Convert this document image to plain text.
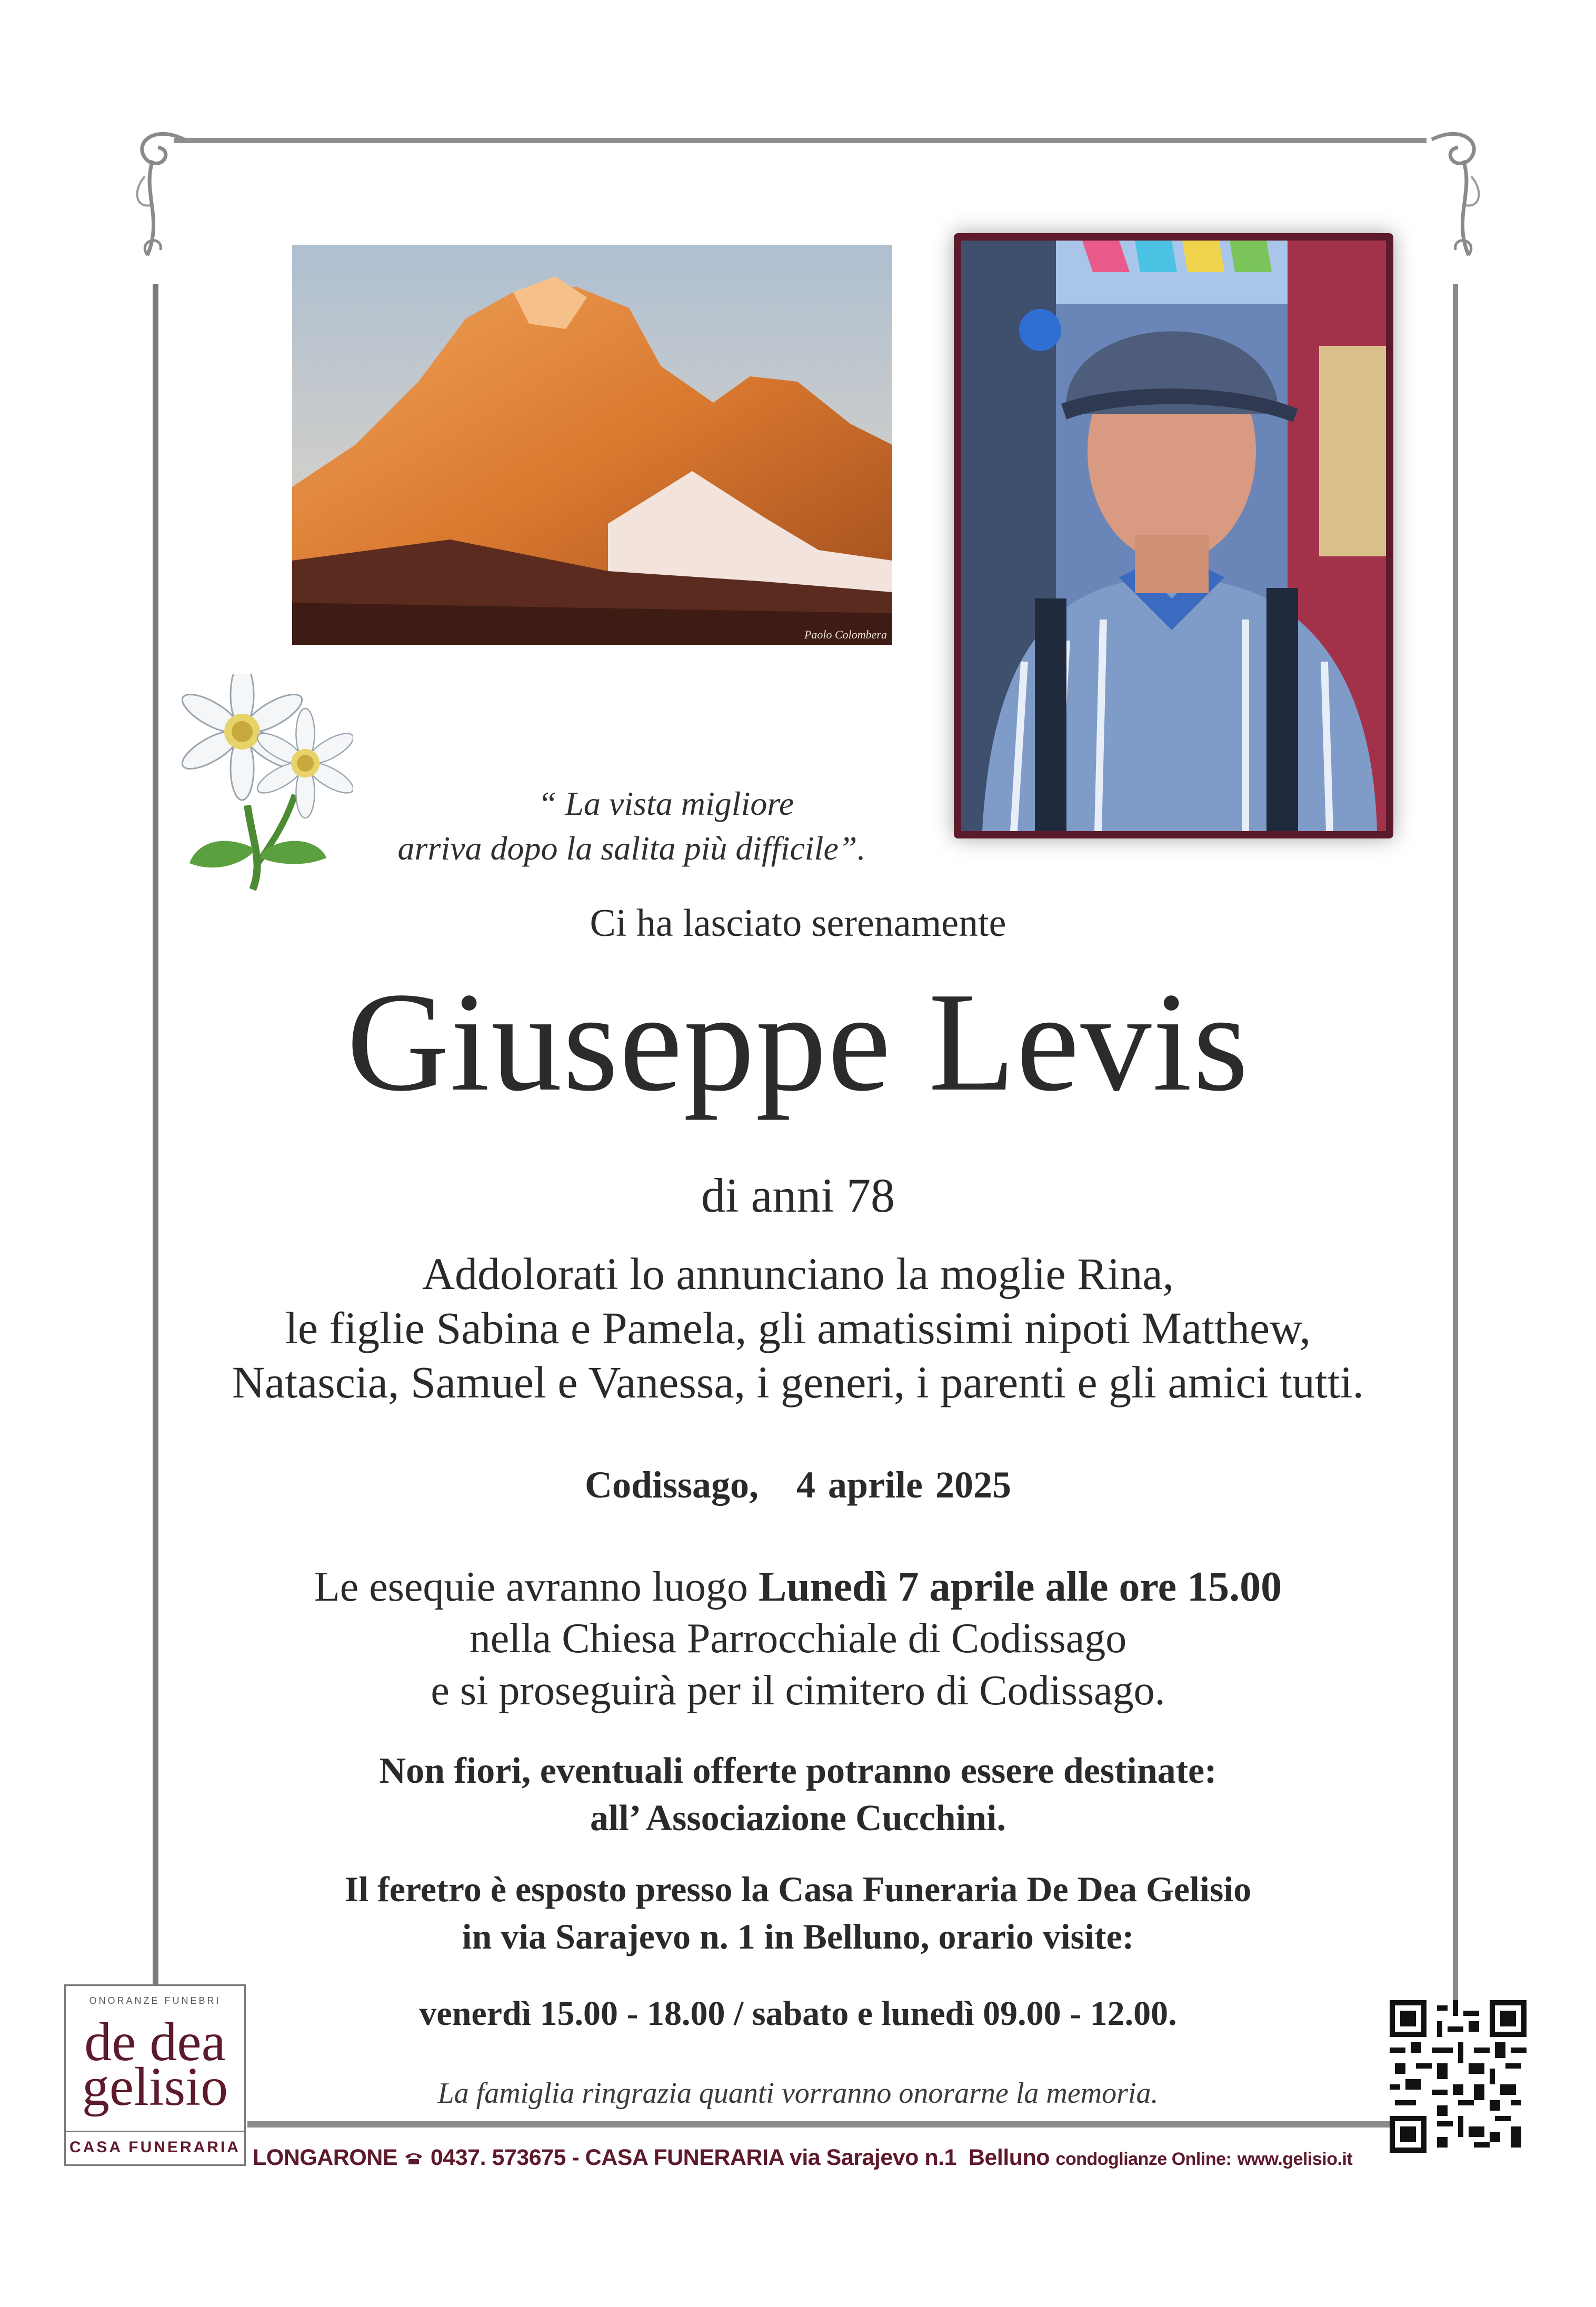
Paolo Colombera
“ La vista migliore
arriva dopo la salita più difficile”.
Ci ha lasciato serenamente
Giuseppe Levis
di anni 78
Addolorati lo annunciano la moglie Rina,
le figlie Sabina e Pamela, gli amatissimi nipoti Matthew,
Natascia, Samuel e Vanessa, i generi, i parenti e gli amici tutti.
Codissago,   4 aprile 2025
Le esequie avranno luogo Lunedì 7 aprile alle ore 15.00
nella Chiesa Parrocchiale di Codissago
e si proseguirà per il cimitero di Codissago.
Non fiori, eventuali offerte potranno essere destinate:
all’ Associazione Cucchini.
Il feretro è esposto presso la Casa Funeraria De Dea Gelisio
in via Sarajevo n. 1 in Belluno, orario visite:
venerdì 15.00 - 18.00 / sabato e lunedì 09.00 - 12.00.
La famiglia ringrazia quanti vorranno onorarne la memoria.
ONORANZE FUNEBRI
de dea
gelisio
CASA FUNERARIA LONGARONE 0437. 573675 - CASA FUNERARIA via Sarajevo n.1  Belluno condoglianze Online: www.gelisio.it
